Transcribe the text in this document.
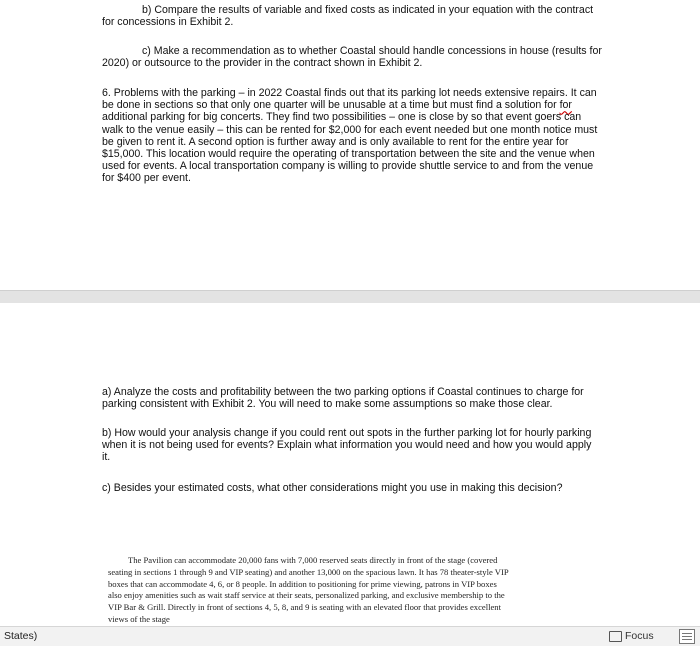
b) Compare the results of variable and fixed costs as indicated in your equation with the contract for concessions in Exhibit 2.

c) Make a recommendation as to whether Coastal should handle concessions in house (results for 2020) or outsource to the provider in the contract shown in Exhibit 2.

6. Problems with the parking – in 2022 Coastal finds out that its parking lot needs extensive repairs. It can be done in sections so that only one quarter will be unusable at a time but must find a solution for for additional parking for big concerts. They find two possibilities – one is close by so that event goers can walk to the venue easily – this can be rented for $2,000 for each event needed but one month notice must be given to rent it. A second option is further away and is only available to rent for the entire year for $15,000. This location would require the operating of transportation between the site and the venue when used for events. A local transportation company is willing to provide shuttle service to and from the venue for $400 per event.

a) Analyze the costs and profitability between the two parking options if Coastal continues to charge for parking consistent with Exhibit 2. You will need to make some assumptions so make those clear.

b) How would your analysis change if you could rent out spots in the further parking lot for hourly parking when it is not being used for events? Explain what information you would need and how you would apply it.

c) Besides your estimated costs, what other considerations might you use in making this decision?

The Pavilion can accommodate 20,000 fans with 7,000 reserved seats directly in front of the stage (covered seating in sections 1 through 9 and VIP seating) and another 13,000 on the spacious lawn. It has 78 theater-style VIP boxes that can accommodate 4, 6, or 8 people. In addition to positioning for prime viewing, patrons in VIP boxes also enjoy amenities such as wait staff service at their seats, personalized parking, and exclusive membership to the VIP Bar & Grill. Directly in front of sections 4, 5, 8, and 9 is seating with an elevated floor that provides excellent views of the stage

States)	Focus
